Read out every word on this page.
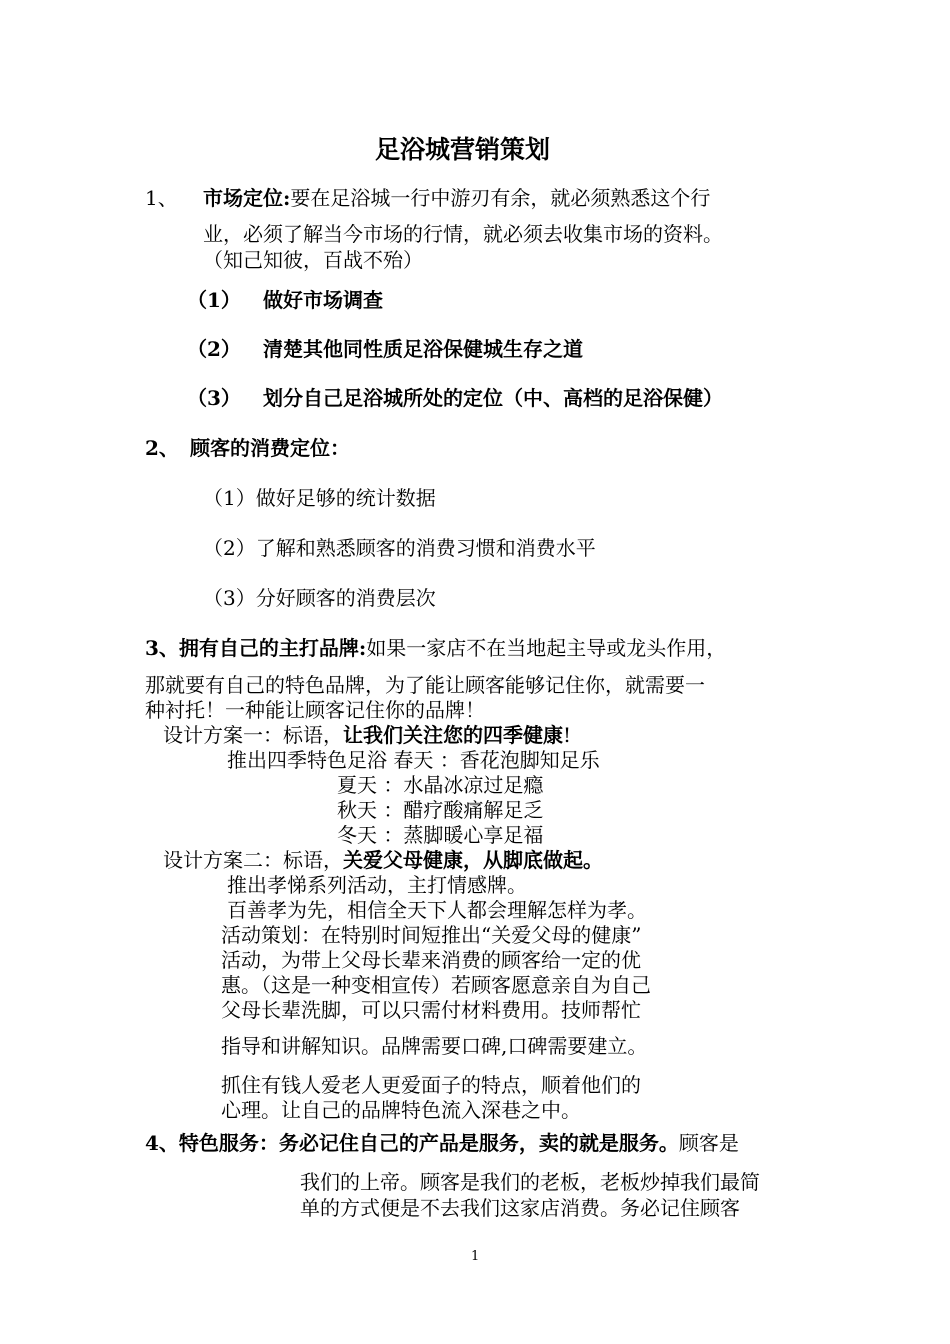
足浴城营销策划
1、 市场定位:要在足浴城一行中游刃有余，就必须熟悉这个行
业，必须了解当今市场的行情，就必须去收集市场的资料。
（知己知彼，百战不殆）
（1） 做好市场调查
（2） 清楚其他同性质足浴保健城生存之道
（3） 划分自己足浴城所处的定位（中、高档的足浴保健）
2、 顾客的消费定位：
（1）做好足够的统计数据
（2）了解和熟悉顾客的消费习惯和消费水平
（3）分好顾客的消费层次
3、拥有自己的主打品牌:如果一家店不在当地起主导或龙头作用，
那就要有自己的特色品牌，为了能让顾客能够记住你，就需要一
种衬托！一种能让顾客记住你的品牌！
设计方案一：标语，让我们关注您的四季健康!
推出四季特色足浴 春天 ：香花泡脚知足乐
夏天 ：水晶冰凉过足瘾
秋天 ：醋疗酸痛解足乏
冬天 ：蒸脚暖心享足福
设计方案二：标语，关爱父母健康，从脚底做起。
推出孝悌系列活动，主打情感牌。
百善孝为先，相信全天下人都会理解怎样为孝。
活动策划：在特别时间短推出“关爱父母的健康”
活动，为带上父母长辈来消费的顾客给一定的优
惠。（这是一种变相宣传）若顾客愿意亲自为自己
父母长辈洗脚，可以只需付材料费用。技师帮忙
指导和讲解知识。品牌需要口碑,口碑需要建立。
抓住有钱人爱老人更爱面子的特点，顺着他们的
心理。让自己的品牌特色流入深巷之中。
4、特色服务：务必记住自己的产品是服务，卖的就是服务。顾客是
我们的上帝。顾客是我们的老板，老板炒掉我们最简
单的方式便是不去我们这家店消费。务必记住顾客
1
